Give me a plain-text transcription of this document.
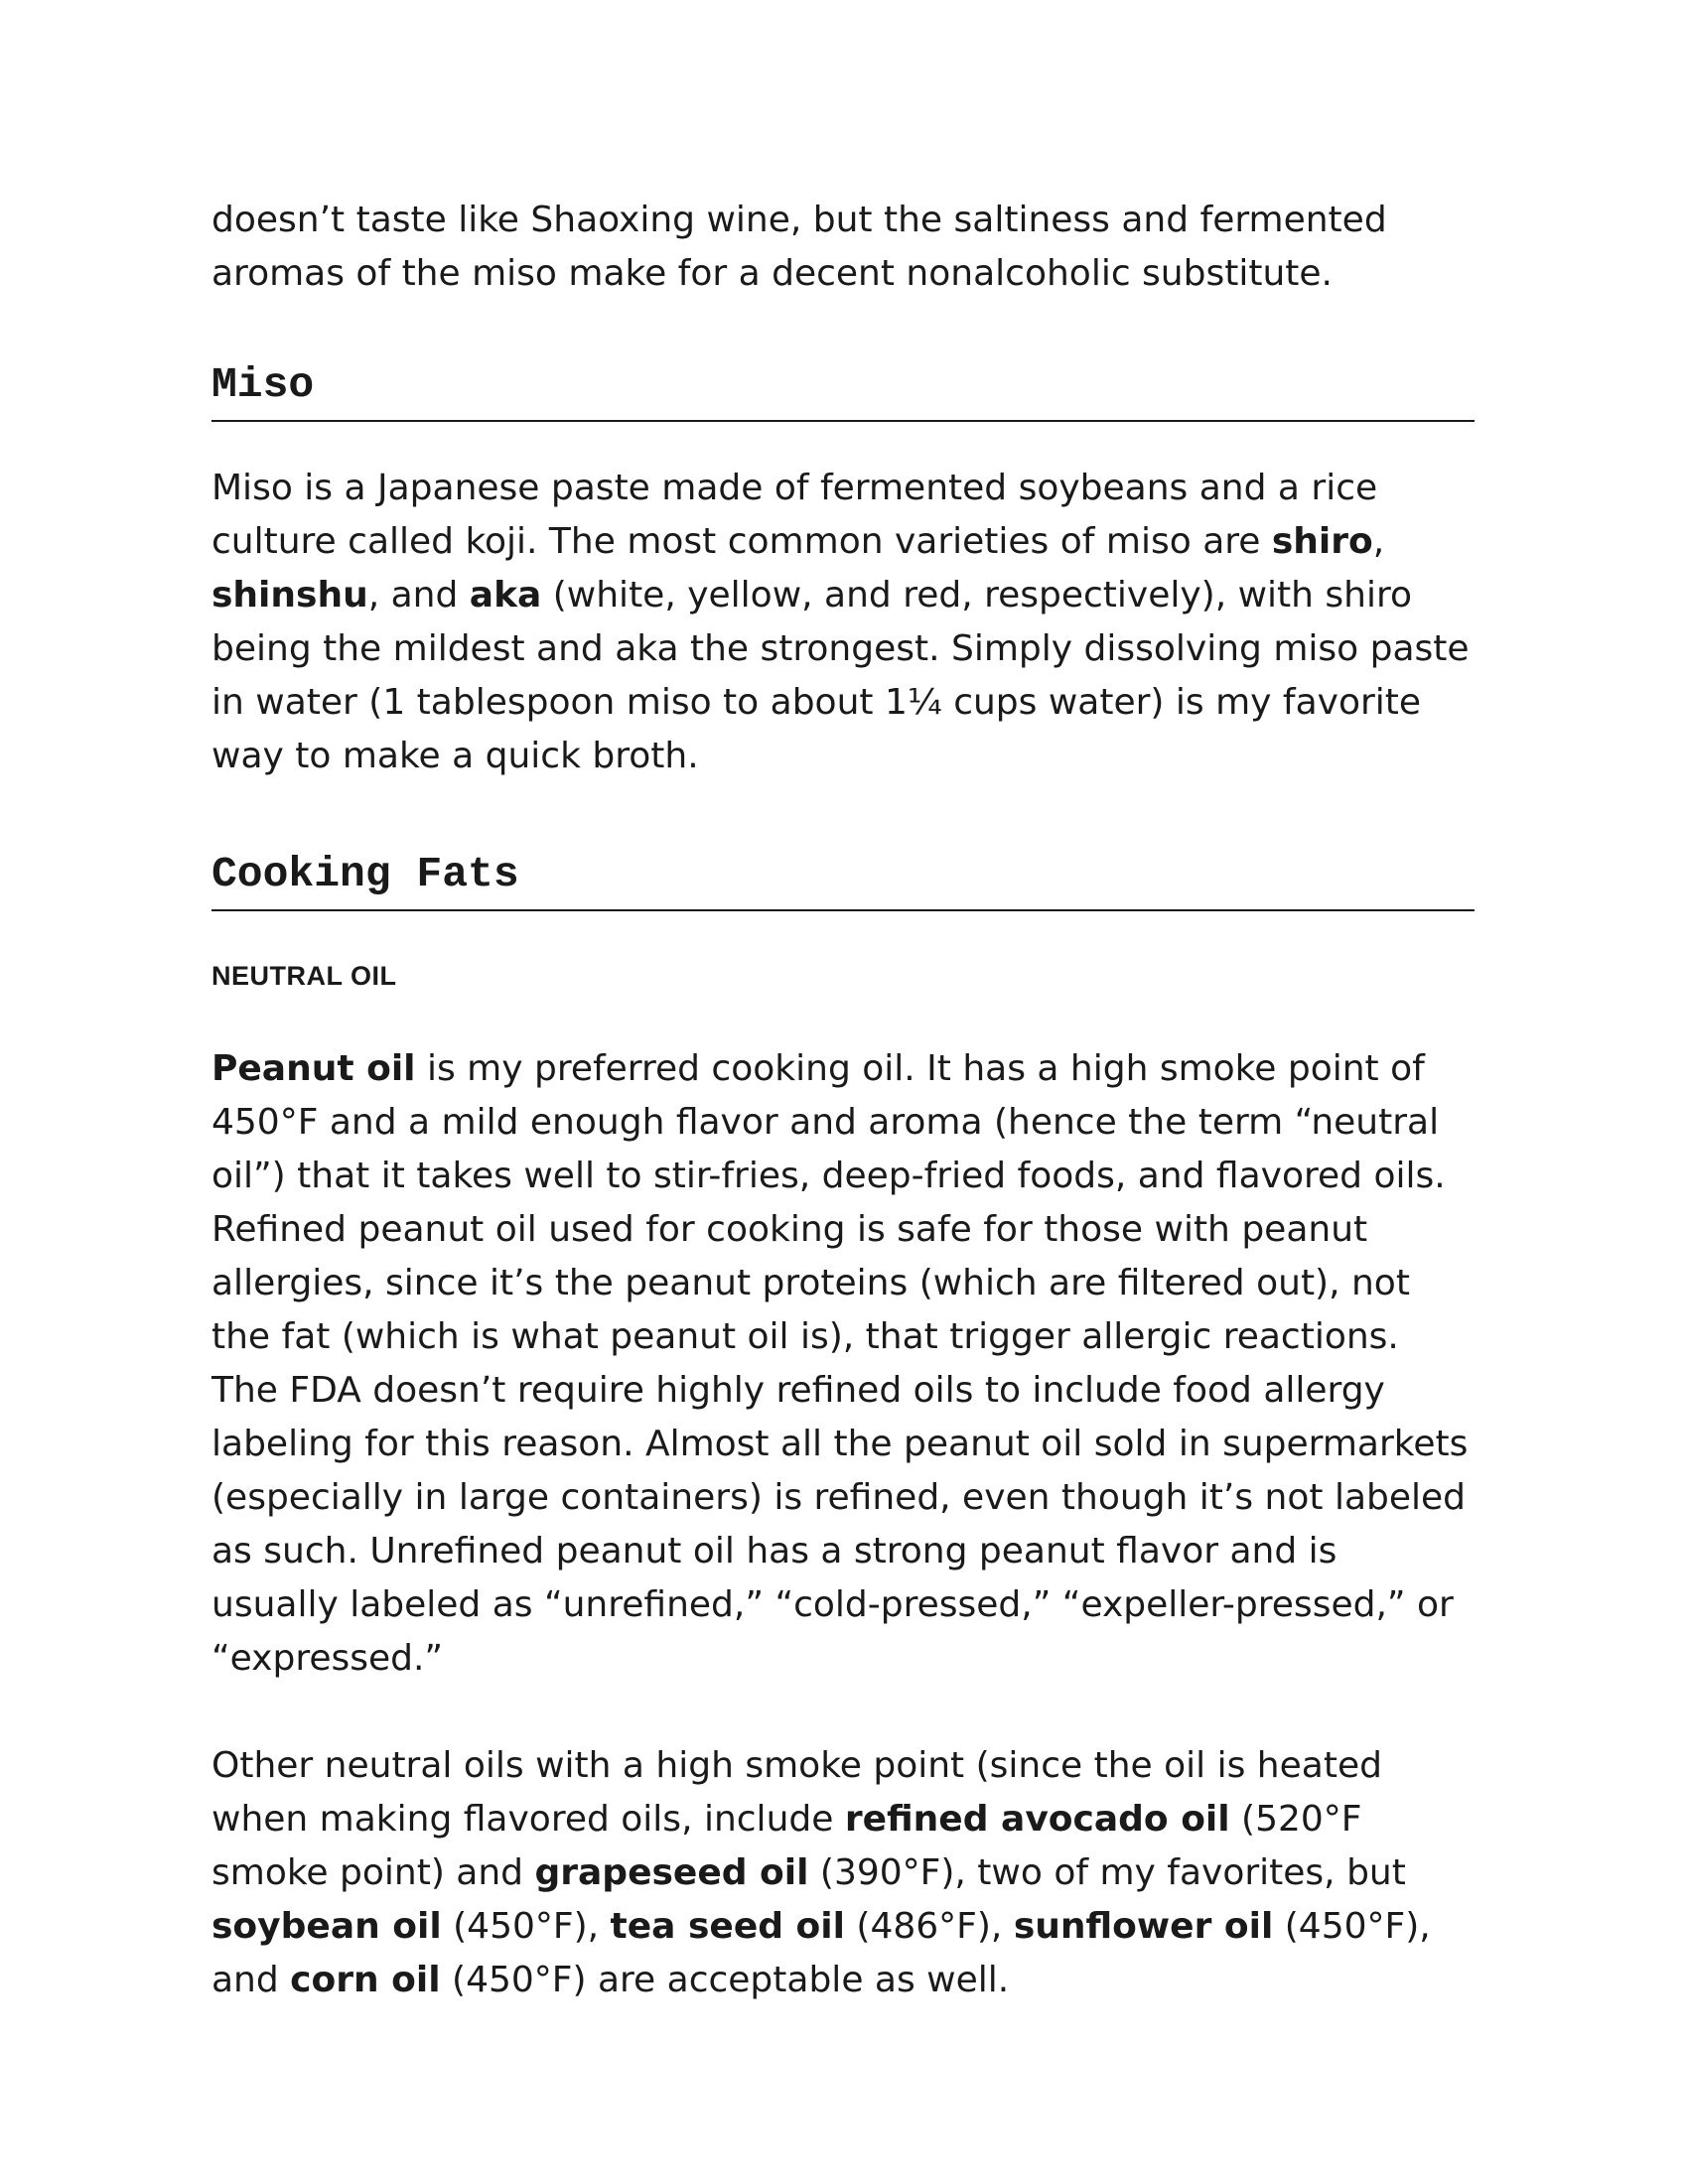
doesn’t taste like Shaoxing wine, but the saltiness and fermented aromas of the miso make for a decent nonalcoholic substitute.

Miso

Miso is a Japanese paste made of fermented soybeans and a rice culture called koji. The most common varieties of miso are shiro, shinshu, and aka (white, yellow, and red, respectively), with shiro being the mildest and aka the strongest. Simply dissolving miso paste in water (1 tablespoon miso to about 1¼ cups water) is my favorite way to make a quick broth.

Cooking Fats
NEUTRAL OIL

Peanut oil is my preferred cooking oil. It has a high smoke point of 450°F and a mild enough flavor and aroma (hence the term “neutral oil”) that it takes well to stir-fries, deep-fried foods, and flavored oils. Refined peanut oil used for cooking is safe for those with peanut allergies, since it’s the peanut proteins (which are filtered out), not the fat (which is what peanut oil is), that trigger allergic reactions. The FDA doesn’t require highly refined oils to include food allergy labeling for this reason. Almost all the peanut oil sold in supermarkets (especially in large containers) is refined, even though it’s not labeled as such. Unrefined peanut oil has a strong peanut flavor and is usually labeled as “unrefined,” “cold-pressed,” “expeller-pressed,” or “expressed.”

Other neutral oils with a high smoke point (since the oil is heated when making flavored oils, include refined avocado oil (520°F smoke point) and grapeseed oil (390°F), two of my favorites, but soybean oil (450°F), tea seed oil (486°F), sunflower oil (450°F), and corn oil (450°F) are acceptable as well.
